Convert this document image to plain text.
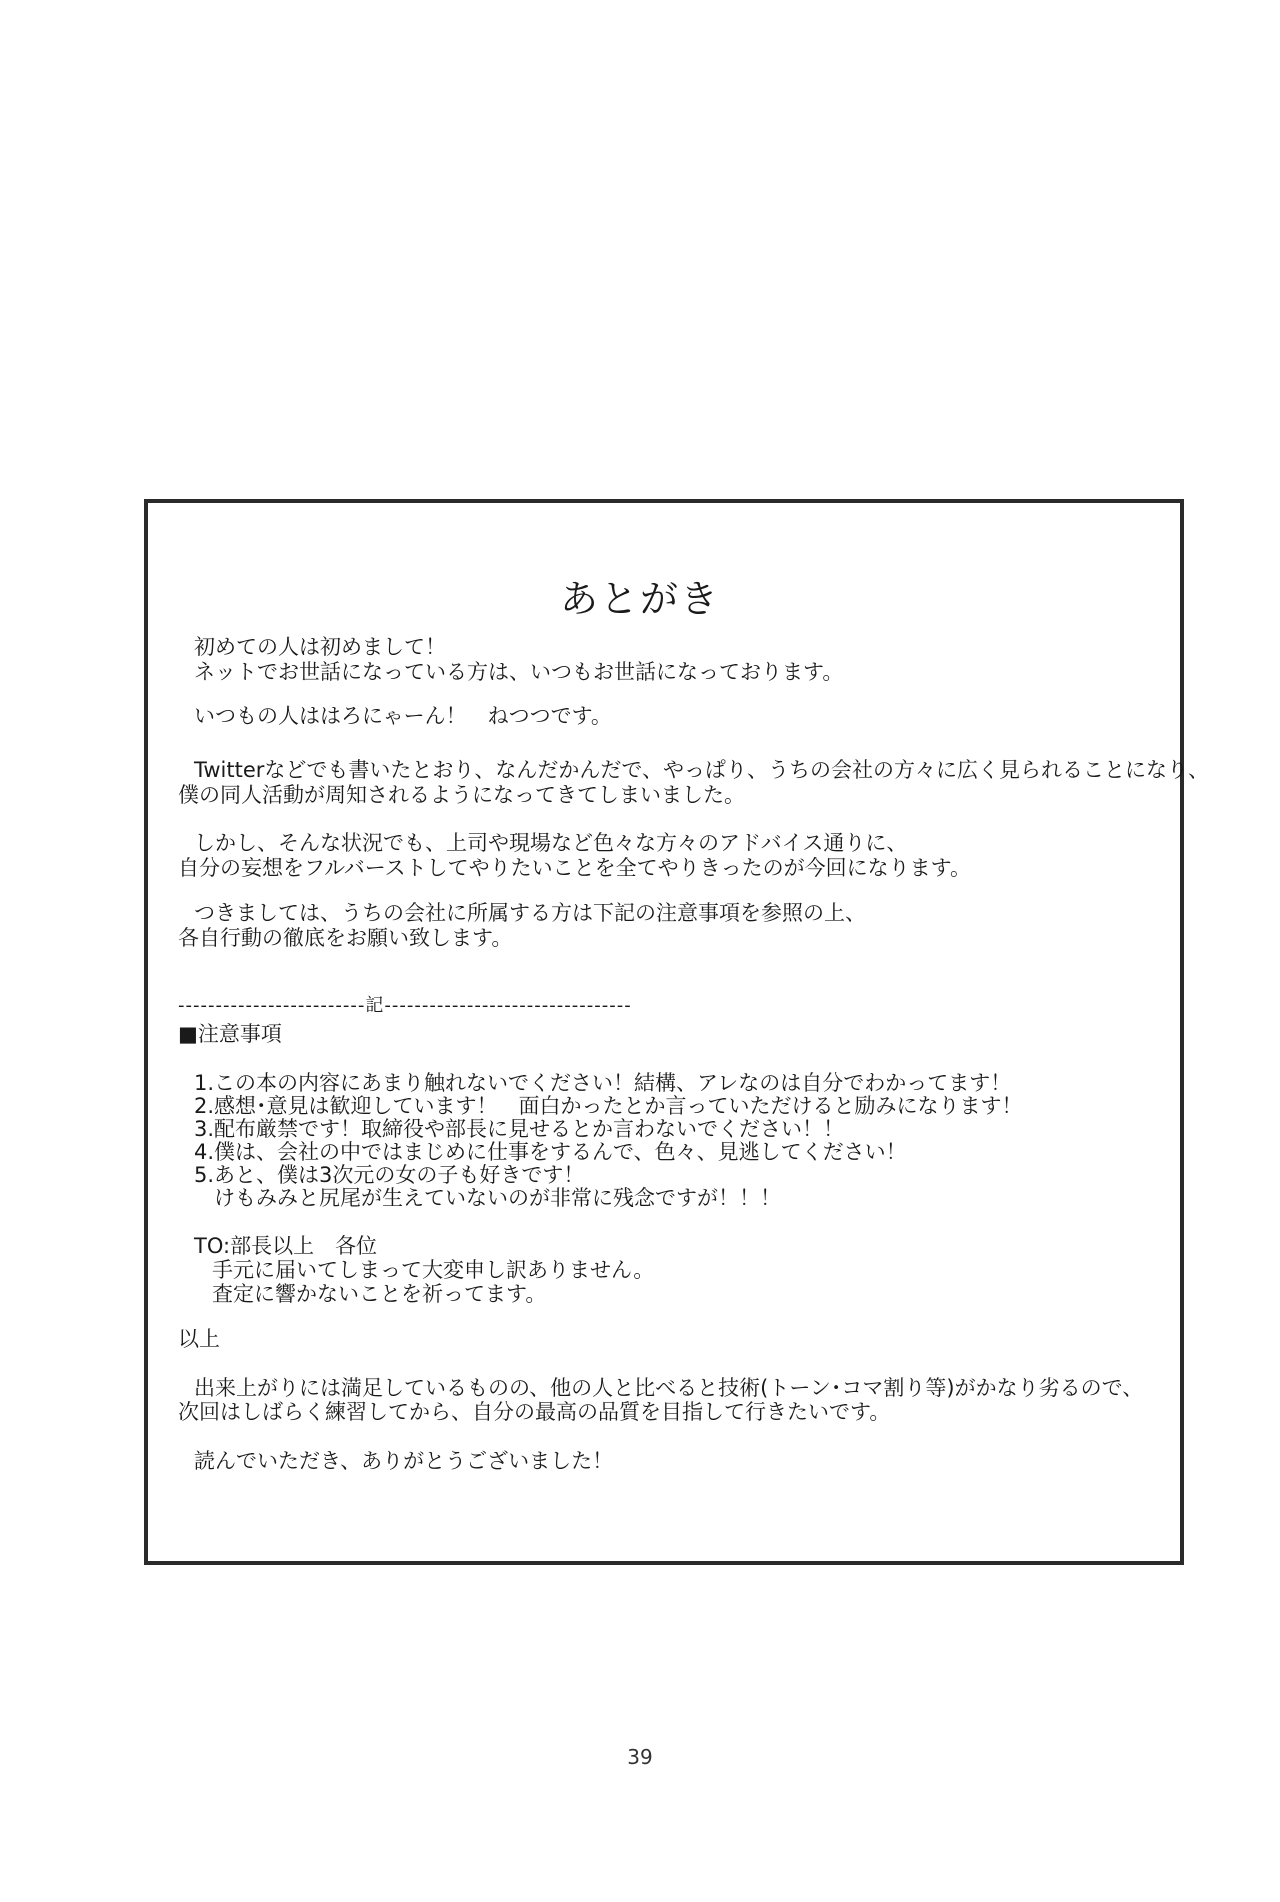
あとがき
初めての人は初めまして！
ネットでお世話になっている方は、いつもお世話になっております。
いつもの人ははろにゃーん！　ねつつです。
Twitterなどでも書いたとおり、なんだかんだで、やっぱり、うちの会社の方々に広く見られることになり、
僕の同人活動が周知されるようになってきてしまいました。
しかし、そんな状況でも、上司や現場など色々な方々のアドバイス通りに、
自分の妄想をフルバーストしてやりたいことを全てやりきったのが今回になります。
つきましては、うちの会社に所属する方は下記の注意事項を参照の上、
各自行動の徹底をお願い致します。
-------------------------記---------------------------------
■注意事項
1.この本の内容にあまり触れないでください！結構、アレなのは自分でわかってます！
2.感想･意見は歓迎しています！　面白かったとか言っていただけると励みになります！
3.配布厳禁です！取締役や部長に見せるとか言わないでください！！
4.僕は、会社の中ではまじめに仕事をするんで、色々、見逃してください！
5.あと、僕は3次元の女の子も好きです！
けもみみと尻尾が生えていないのが非常に残念ですが！！！
TO:部長以上　各位
手元に届いてしまって大変申し訳ありません。
査定に響かないことを祈ってます。
以上
出来上がりには満足しているものの、他の人と比べると技術(トーン･コマ割り等)がかなり劣るので、
次回はしばらく練習してから、自分の最高の品質を目指して行きたいです。
読んでいただき、ありがとうございました！
39
